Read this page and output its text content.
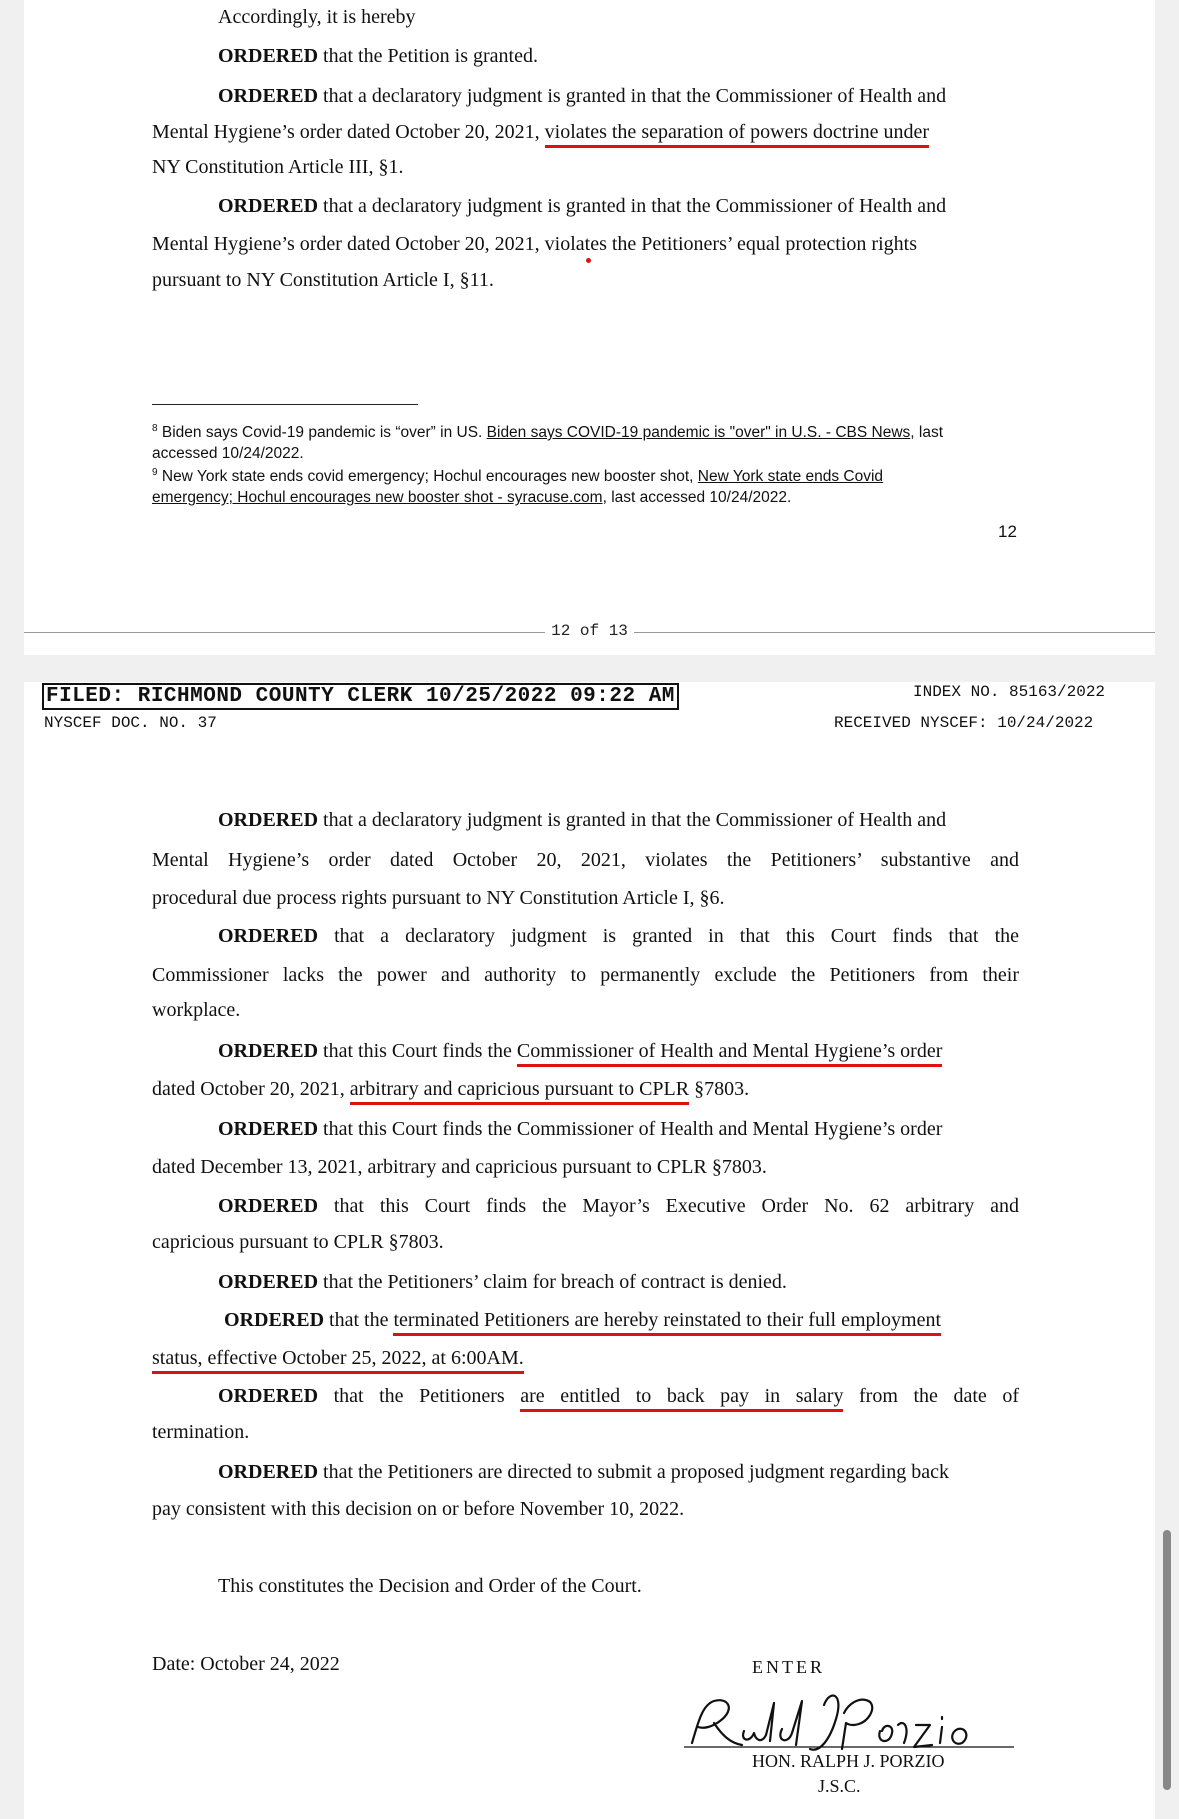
Accordingly, it is hereby

ORDERED that the Petition is granted.

ORDERED that a declaratory judgment is granted in that the Commissioner of Health and

Mental Hygiene’s order dated October 20, 2021, violates the separation of powers doctrine under

NY Constitution Article III, §1.

ORDERED that a declaratory judgment is granted in that the Commissioner of Health and

Mental Hygiene’s order dated October 20, 2021, violates the Petitioners’ equal protection rights

pursuant to NY Constitution Article I, §11.

$^8$ Biden says Covid-19 pandemic is “over” in US. Biden says COVID-19 pandemic is "over" in U.S. - CBS News, last
accessed 10/24/2022.

$^9$ New York state ends covid emergency; Hochul encourages new booster shot, New York state ends Covid
emergency; Hochul encourages new booster shot - syracuse.com, last accessed 10/24/2022.

12

12 of 13
FILED: RICHMOND COUNTY CLERK 10/25/2022 09:22 AM	INDEX NO. 85163/2022
NYSCEF DOC. NO. 37	RECEIVED NYSCEF: 10/24/2022

ORDERED that a declaratory judgment is granted in that the Commissioner of Health and

Mental Hygiene’s order dated October 20, 2021, violates the Petitioners’ substantive and

procedural due process rights pursuant to NY Constitution Article I, §6.

ORDERED that a declaratory judgment is granted in that this Court finds that the

Commissioner lacks the power and authority to permanently exclude the Petitioners from their

workplace.

ORDERED that this Court finds the Commissioner of Health and Mental Hygiene’s order

dated October 20, 2021, arbitrary and capricious pursuant to CPLR §7803.

ORDERED that this Court finds the Commissioner of Health and Mental Hygiene’s order

dated December 13, 2021, arbitrary and capricious pursuant to CPLR §7803.

ORDERED that this Court finds the Mayor’s Executive Order No. 62 arbitrary and

capricious pursuant to CPLR §7803.

ORDERED that the Petitioners’ claim for breach of contract is denied.

ORDERED that the terminated Petitioners are hereby reinstated to their full employment

status, effective October 25, 2022, at 6:00AM.

ORDERED that the Petitioners are entitled to back pay in salary from the date of

termination.

ORDERED that the Petitioners are directed to submit a proposed judgment regarding back

pay consistent with this decision on or before November 10, 2022.

This constitutes the Decision and Order of the Court.

Date: October 24, 2022	ENTER

HON. RALPH J. PORZIO

J.S.C.
